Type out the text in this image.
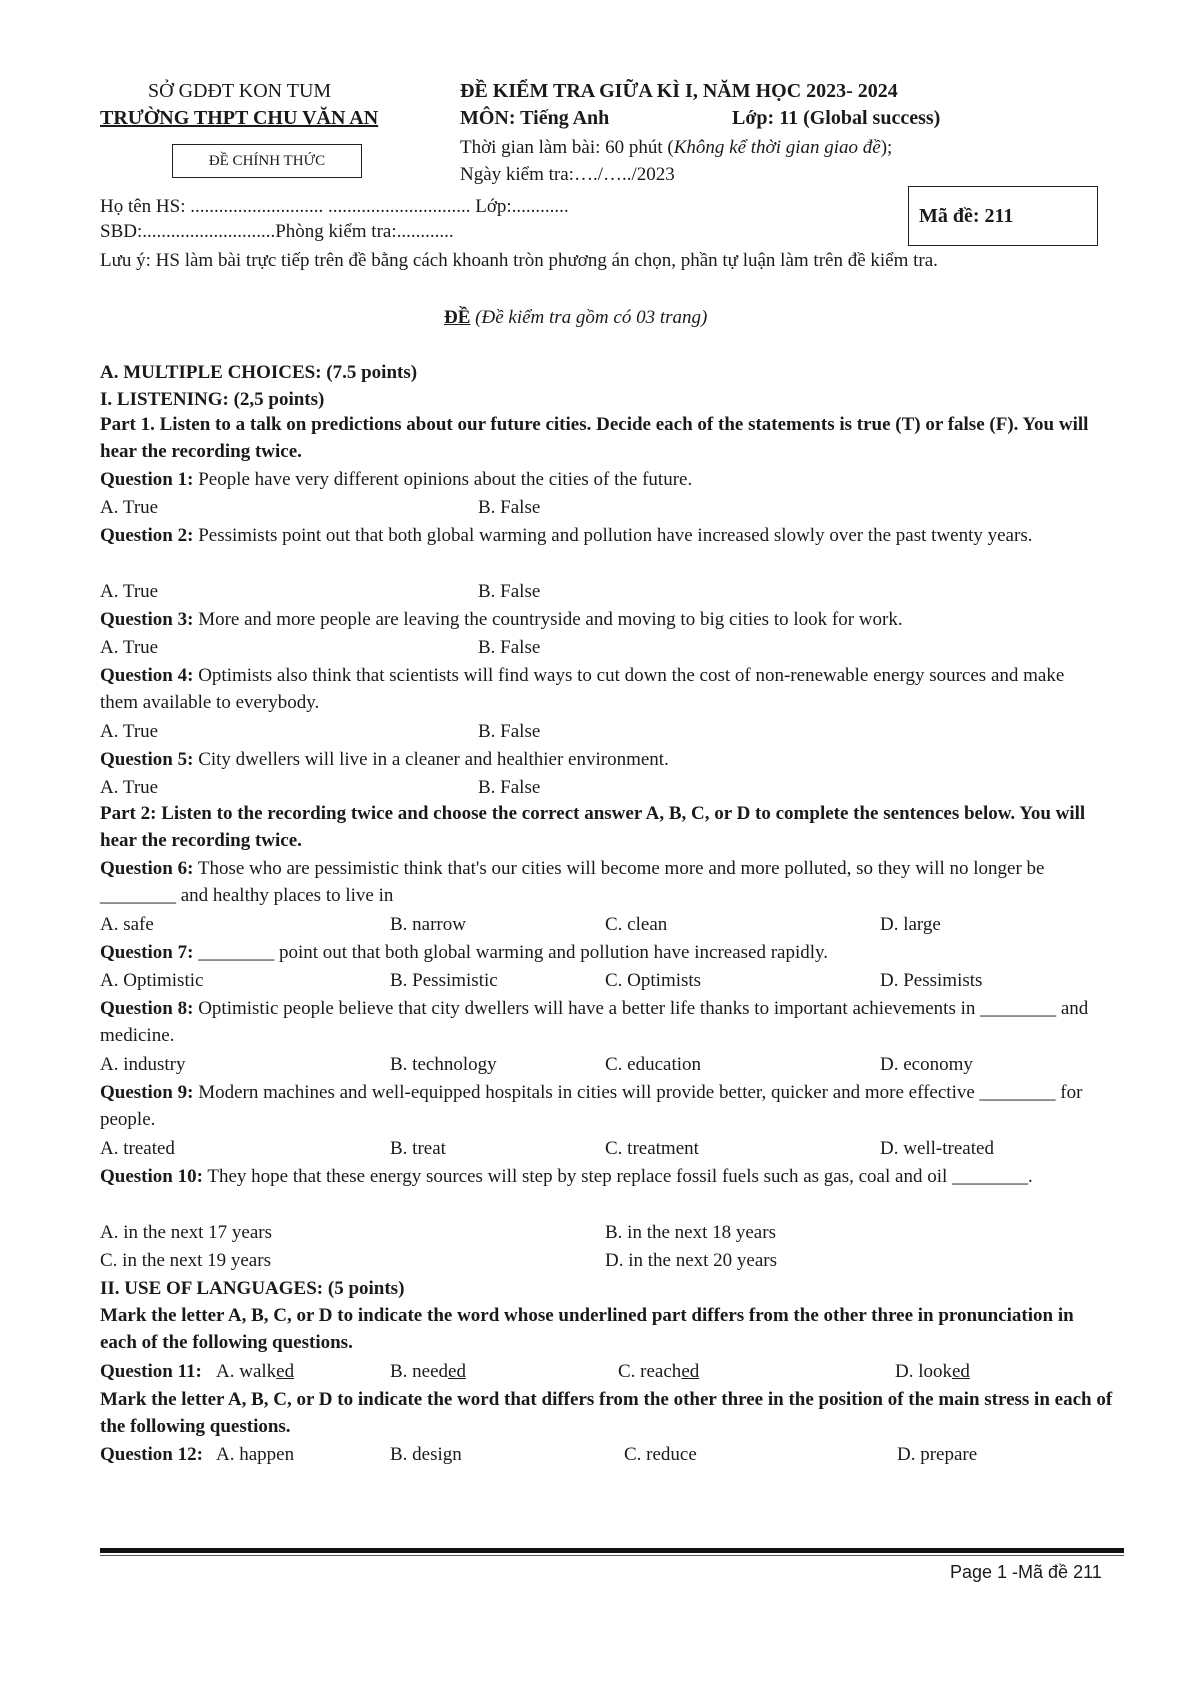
SỞ GDĐT KON TUM
TRƯỜNG THPT CHU VĂN AN
ĐỀ CHÍNH THỨC
ĐỀ KIỂM TRA GIỮA KÌ I, NĂM HỌC 2023- 2024
MÔN: Tiếng Anh	Lớp: 11 (Global success)
Thời gian làm bài: 60 phút (Không kể thời gian giao đề);
Ngày kiểm tra:…./…../2023
Họ tên HS: ............................ .............................. Lớp:............
SBD:............................Phòng kiểm tra:............
Mã đề: 211
Lưu ý: HS làm bài trực tiếp trên đề bằng cách khoanh tròn phương án chọn, phần tự luận làm trên đề kiểm tra.
ĐỀ (Đề kiểm tra gồm có 03 trang)
A. MULTIPLE CHOICES: (7.5 points)
I. LISTENING: (2,5 points)
Part 1. Listen to a talk on predictions about our future cities. Decide each of the statements is true (T) or false (F). You will hear the recording twice.
Question 1: People have very different opinions about the cities of the future.
A. True	B. False
Question 2: Pessimists point out that both global warming and pollution have increased slowly over the past twenty years.
A. True	B. False
Question 3: More and more people are leaving the countryside and moving to big cities to look for work.
A. True	B. False
Question 4: Optimists also think that scientists will find ways to cut down the cost of non-renewable energy sources and make them available to everybody.
A. True	B. False
Question 5: City dwellers will live in a cleaner and healthier environment.
A. True	B. False
Part 2: Listen to the recording twice and choose the correct answer A, B, C, or D to complete the sentences below. You will hear the recording twice.
Question 6: Those who are pessimistic think that's our cities will become more and more polluted, so they will no longer be ________ and healthy places to live in
A. safe	B. narrow	C. clean	D. large
Question 7: ________ point out that both global warming and pollution have increased rapidly.
A. Optimistic	B. Pessimistic	C. Optimists	D. Pessimists
Question 8: Optimistic people believe that city dwellers will have a better life thanks to important achievements in ________ and medicine.
A. industry	B. technology	C. education	D. economy
Question 9: Modern machines and well-equipped hospitals in cities will provide better, quicker and more effective ________ for people.
A. treated	B. treat	C. treatment	D. well-treated
Question 10: They hope that these energy sources will step by step replace fossil fuels such as gas, coal and oil ________.
A. in the next 17 years	B. in the next 18 years
C. in the next 19 years	D. in the next 20 years
II. USE OF LANGUAGES: (5 points)
Mark the letter A, B, C, or D to indicate the word whose underlined part differs from the other three in pronunciation in each of the following questions.
Question 11: A. walked	B. needed	C. reached	D. looked
Mark the letter A, B, C, or D to indicate the word that differs from the other three in the position of the main stress in each of the following questions.
Question 12: A. happen	B. design	C. reduce	D. prepare
Page 1 -Mã đề 211
